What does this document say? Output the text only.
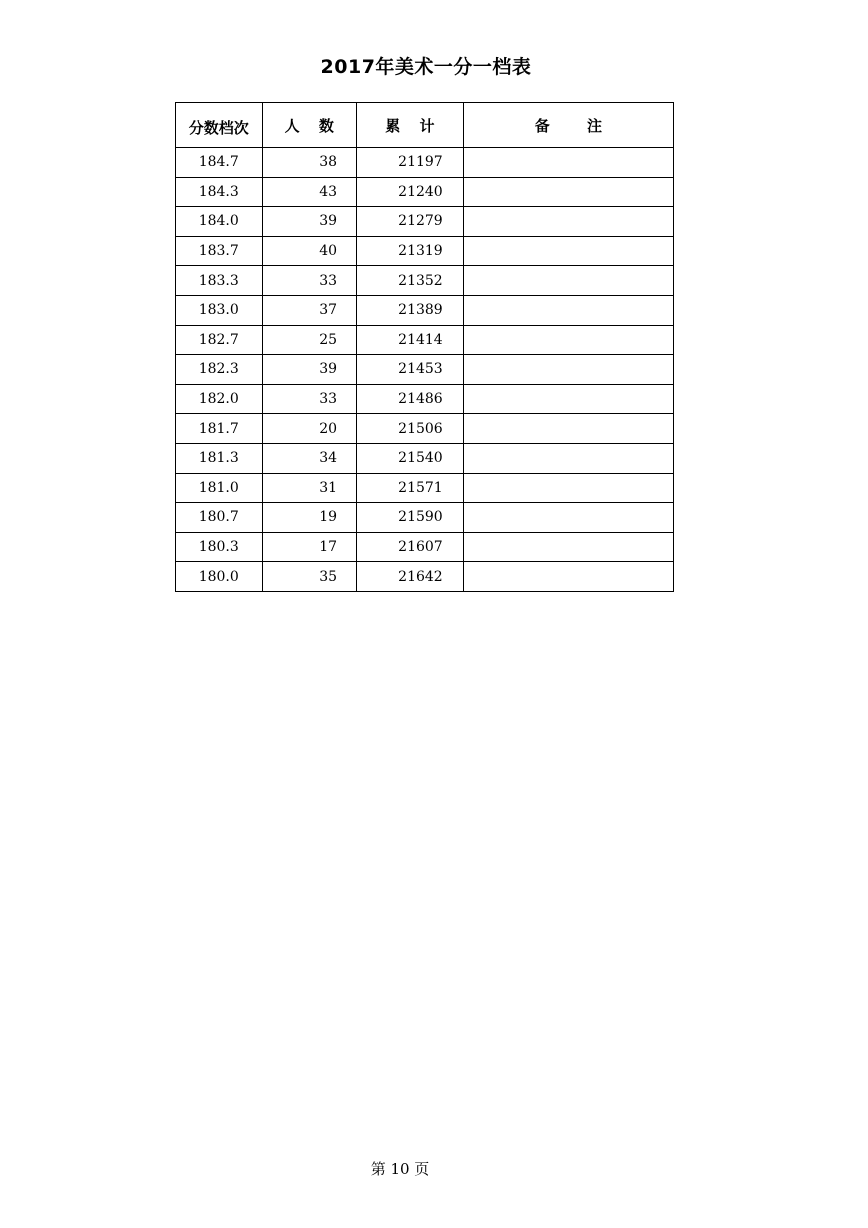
2017年美术一分一档表
分数档次	人 数	累 计	备 注
184.7	38	21197	
184.3	43	21240	
184.0	39	21279	
183.7	40	21319	
183.3	33	21352	
183.0	37	21389	
182.7	25	21414	
182.3	39	21453	
182.0	33	21486	
181.7	20	21506	
181.3	34	21540	
181.0	31	21571	
180.7	19	21590	
180.3	17	21607	
180.0	35	21642	
第 10 页
